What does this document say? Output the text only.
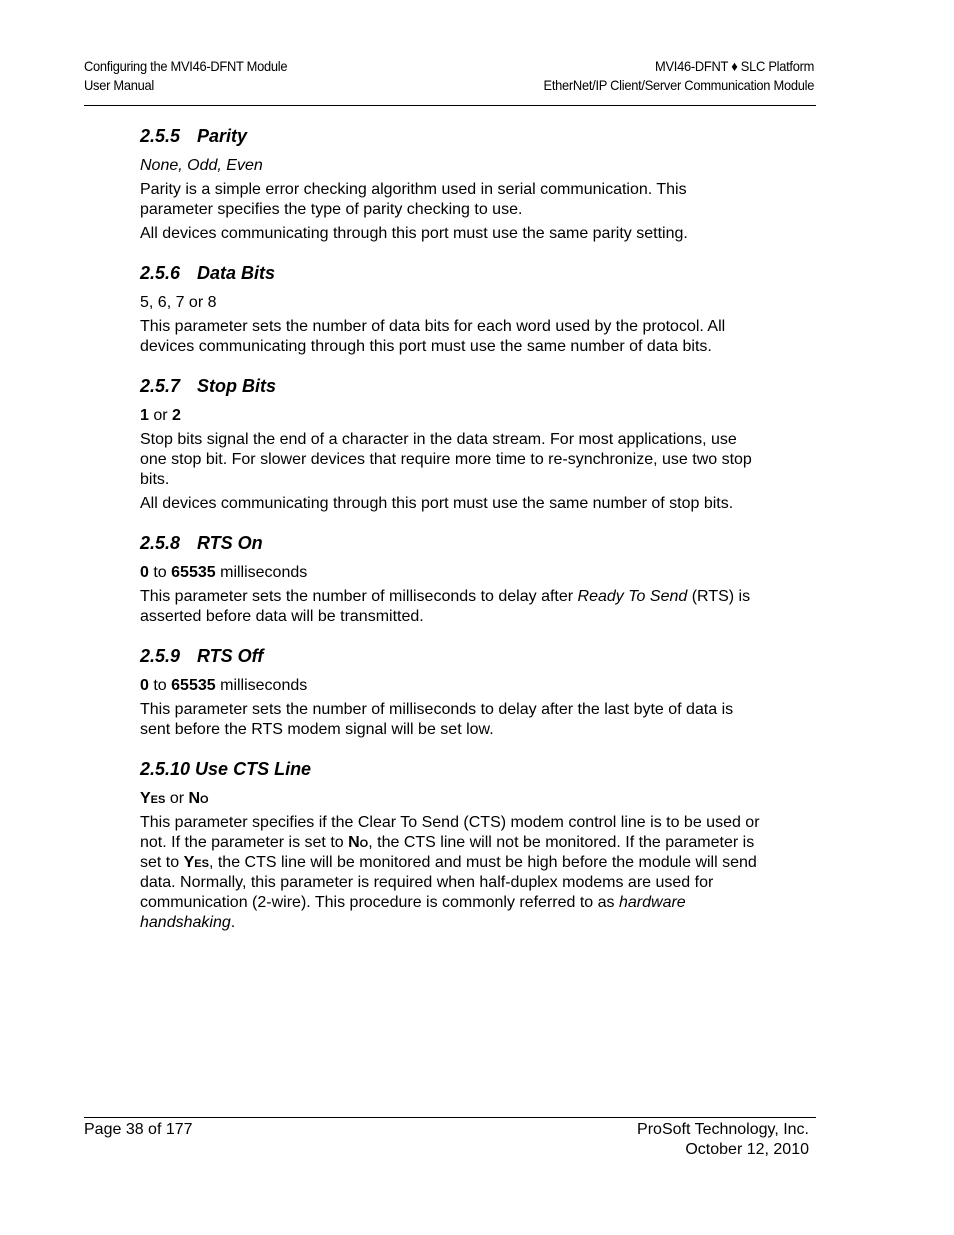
Configuring the MVI46-DFNT Module
User Manual
MVI46-DFNT ♦ SLC Platform
EtherNet/IP Client/Server Communication Module
2.5.5 Parity

None, Odd, Even

Parity is a simple error checking algorithm used in serial communication. This parameter specifies the type of parity checking to use.

All devices communicating through this port must use the same parity setting.

2.5.6 Data Bits

5, 6, 7 or 8

This parameter sets the number of data bits for each word used by the protocol. All devices communicating through this port must use the same number of data bits.

2.5.7 Stop Bits

1 or 2

Stop bits signal the end of a character in the data stream. For most applications, use one stop bit. For slower devices that require more time to re-synchronize, use two stop bits.

All devices communicating through this port must use the same number of stop bits.

2.5.8 RTS On

0 to 65535 milliseconds

This parameter sets the number of milliseconds to delay after Ready To Send (RTS) is asserted before data will be transmitted.

2.5.9 RTS Off

0 to 65535 milliseconds

This parameter sets the number of milliseconds to delay after the last byte of data is sent before the RTS modem signal will be set low.

2.5.10 Use CTS Line

Yes or No

This parameter specifies if the Clear To Send (CTS) modem control line is to be used or not. If the parameter is set to No, the CTS line will not be monitored. If the parameter is set to Yes, the CTS line will be monitored and must be high before the module will send data. Normally, this parameter is required when half-duplex modems are used for communication (2-wire). This procedure is commonly referred to as hardware handshaking.

Page 38 of 177	ProSoft Technology, Inc.
October 12, 2010
